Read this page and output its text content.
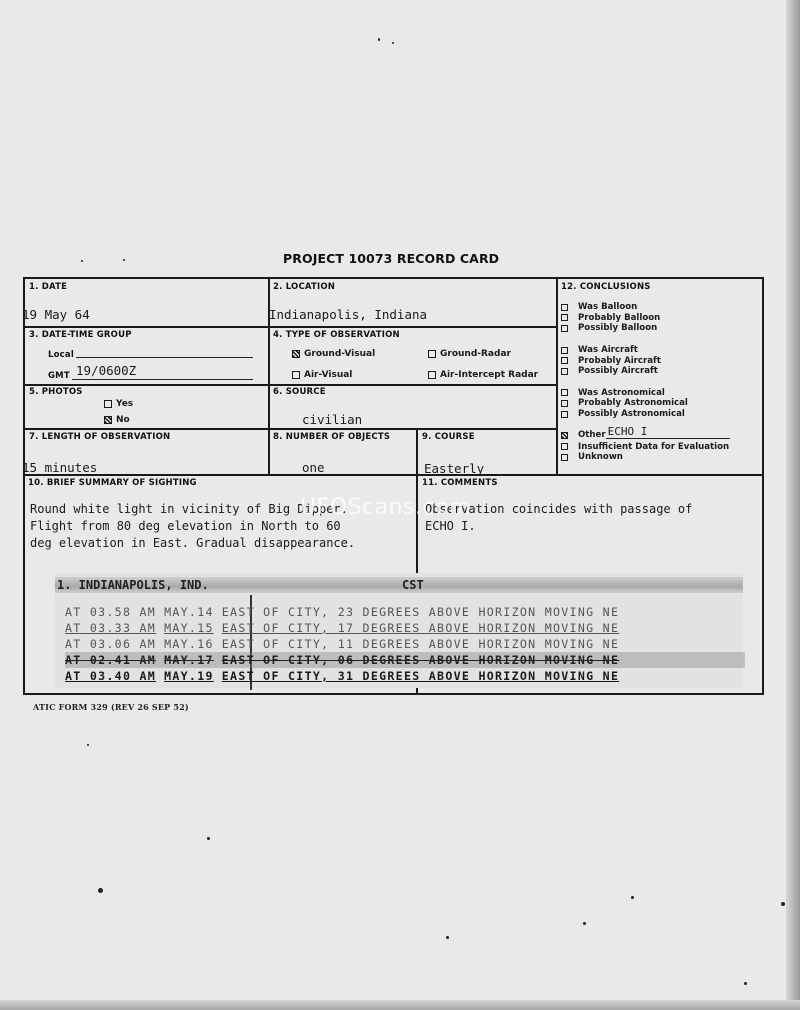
PROJECT 10073 RECORD CARD
1. DATE
19 May 64
2. LOCATION
Indianapolis, Indiana
3. DATE-TIME GROUP
Local
GMT 19/0600Z
4. TYPE OF OBSERVATION
Ground-Visual	Ground-Radar
Air-Visual	Air-Intercept Radar
5. PHOTOS
Yes
No
6. SOURCE
civilian
7. LENGTH OF OBSERVATION
15 minutes
8. NUMBER OF OBJECTS
one
9. COURSE
Easterly
10. BRIEF SUMMARY OF SIGHTING
Round white light in vicinity of Big Dipper.
Flight from 80 deg elevation in North to 60
deg elevation in East. Gradual disappearance.
11. COMMENTS
Observation coincides with passage of
ECHO I.
UFOScans.com
12. CONCLUSIONS
Was Balloon
Probably Balloon
Possibly Balloon
Was Aircraft
Probably Aircraft
Possibly Aircraft
Was Astronomical
Probably Astronomical
Possibly Astronomical
Other ECHO I
Insufficient Data for Evaluation
Unknown
1. INDIANAPOLIS, IND.	CST
AT 03.58 AM MAY.14 EAST OF CITY, 23 DEGREES ABOVE HORIZON MOVING NE
AT 03.33 AM MAY.15 EAST OF CITY, 17 DEGREES ABOVE HORIZON MOVING NE
AT 03.06 AM MAY.16 EAST OF CITY, 11 DEGREES ABOVE HORIZON MOVING NE
AT 02.41 AM MAY.17 EAST OF CITY, 06 DEGREES ABOVE HORIZON MOVING NE
AT 03.40 AM MAY.19 EAST OF CITY, 31 DEGREES ABOVE HORIZON MOVING NE
ATIC FORM 329 (REV 26 SEP 52)
